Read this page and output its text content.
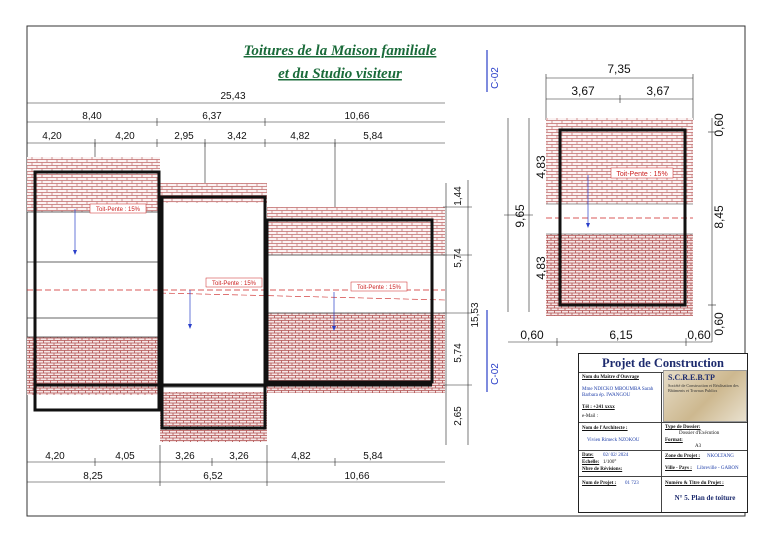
Toitures de la Maison familiale
et du Studio visiteur
25,43
8,40	6,37	10,66
4,20	4,20	2,95	3,42	4,82	5,84
Toit-Pente : 15%
Toit-Pente : 15%
Toit-Pente : 15%
1,44
5,74
15,53
5,74
2,65
4,20	4,05	3,26	3,26	4,82	5,84
8,25	6,52	10,66
C-02
C-02
Toit-Pente : 15%
7,35
3,67	3,67
4,83
9,65
4,83
0,60
8,45
0,60
0,60	6,15	0,60
Projet de Construction
Nom du Maître d'Ouvrage
Mme NDICKO MBOUMBA Sarah Barbara ép. IWANGOU
Tél : +241 xxxx
e-Mail :
S.C.R.E.B.TP
Société de Construction et Réalisation des Bâtiments et Travaux Publics
Nom de l'Architecte :
Vivien Rimeck NZOKOU
Type de Dossier:
Dossier d'Exécution
Format:
A3
Date: 02/ 02/ 2024
Echelle: 1/100°
Nbre de Révisions:
Zone du Projet : NKOLTANG
Ville - Pays : Libreville - GABON
Num de Projet : 01 723	Numéro & Titre du Projet :
N° 5. Plan de toiture
